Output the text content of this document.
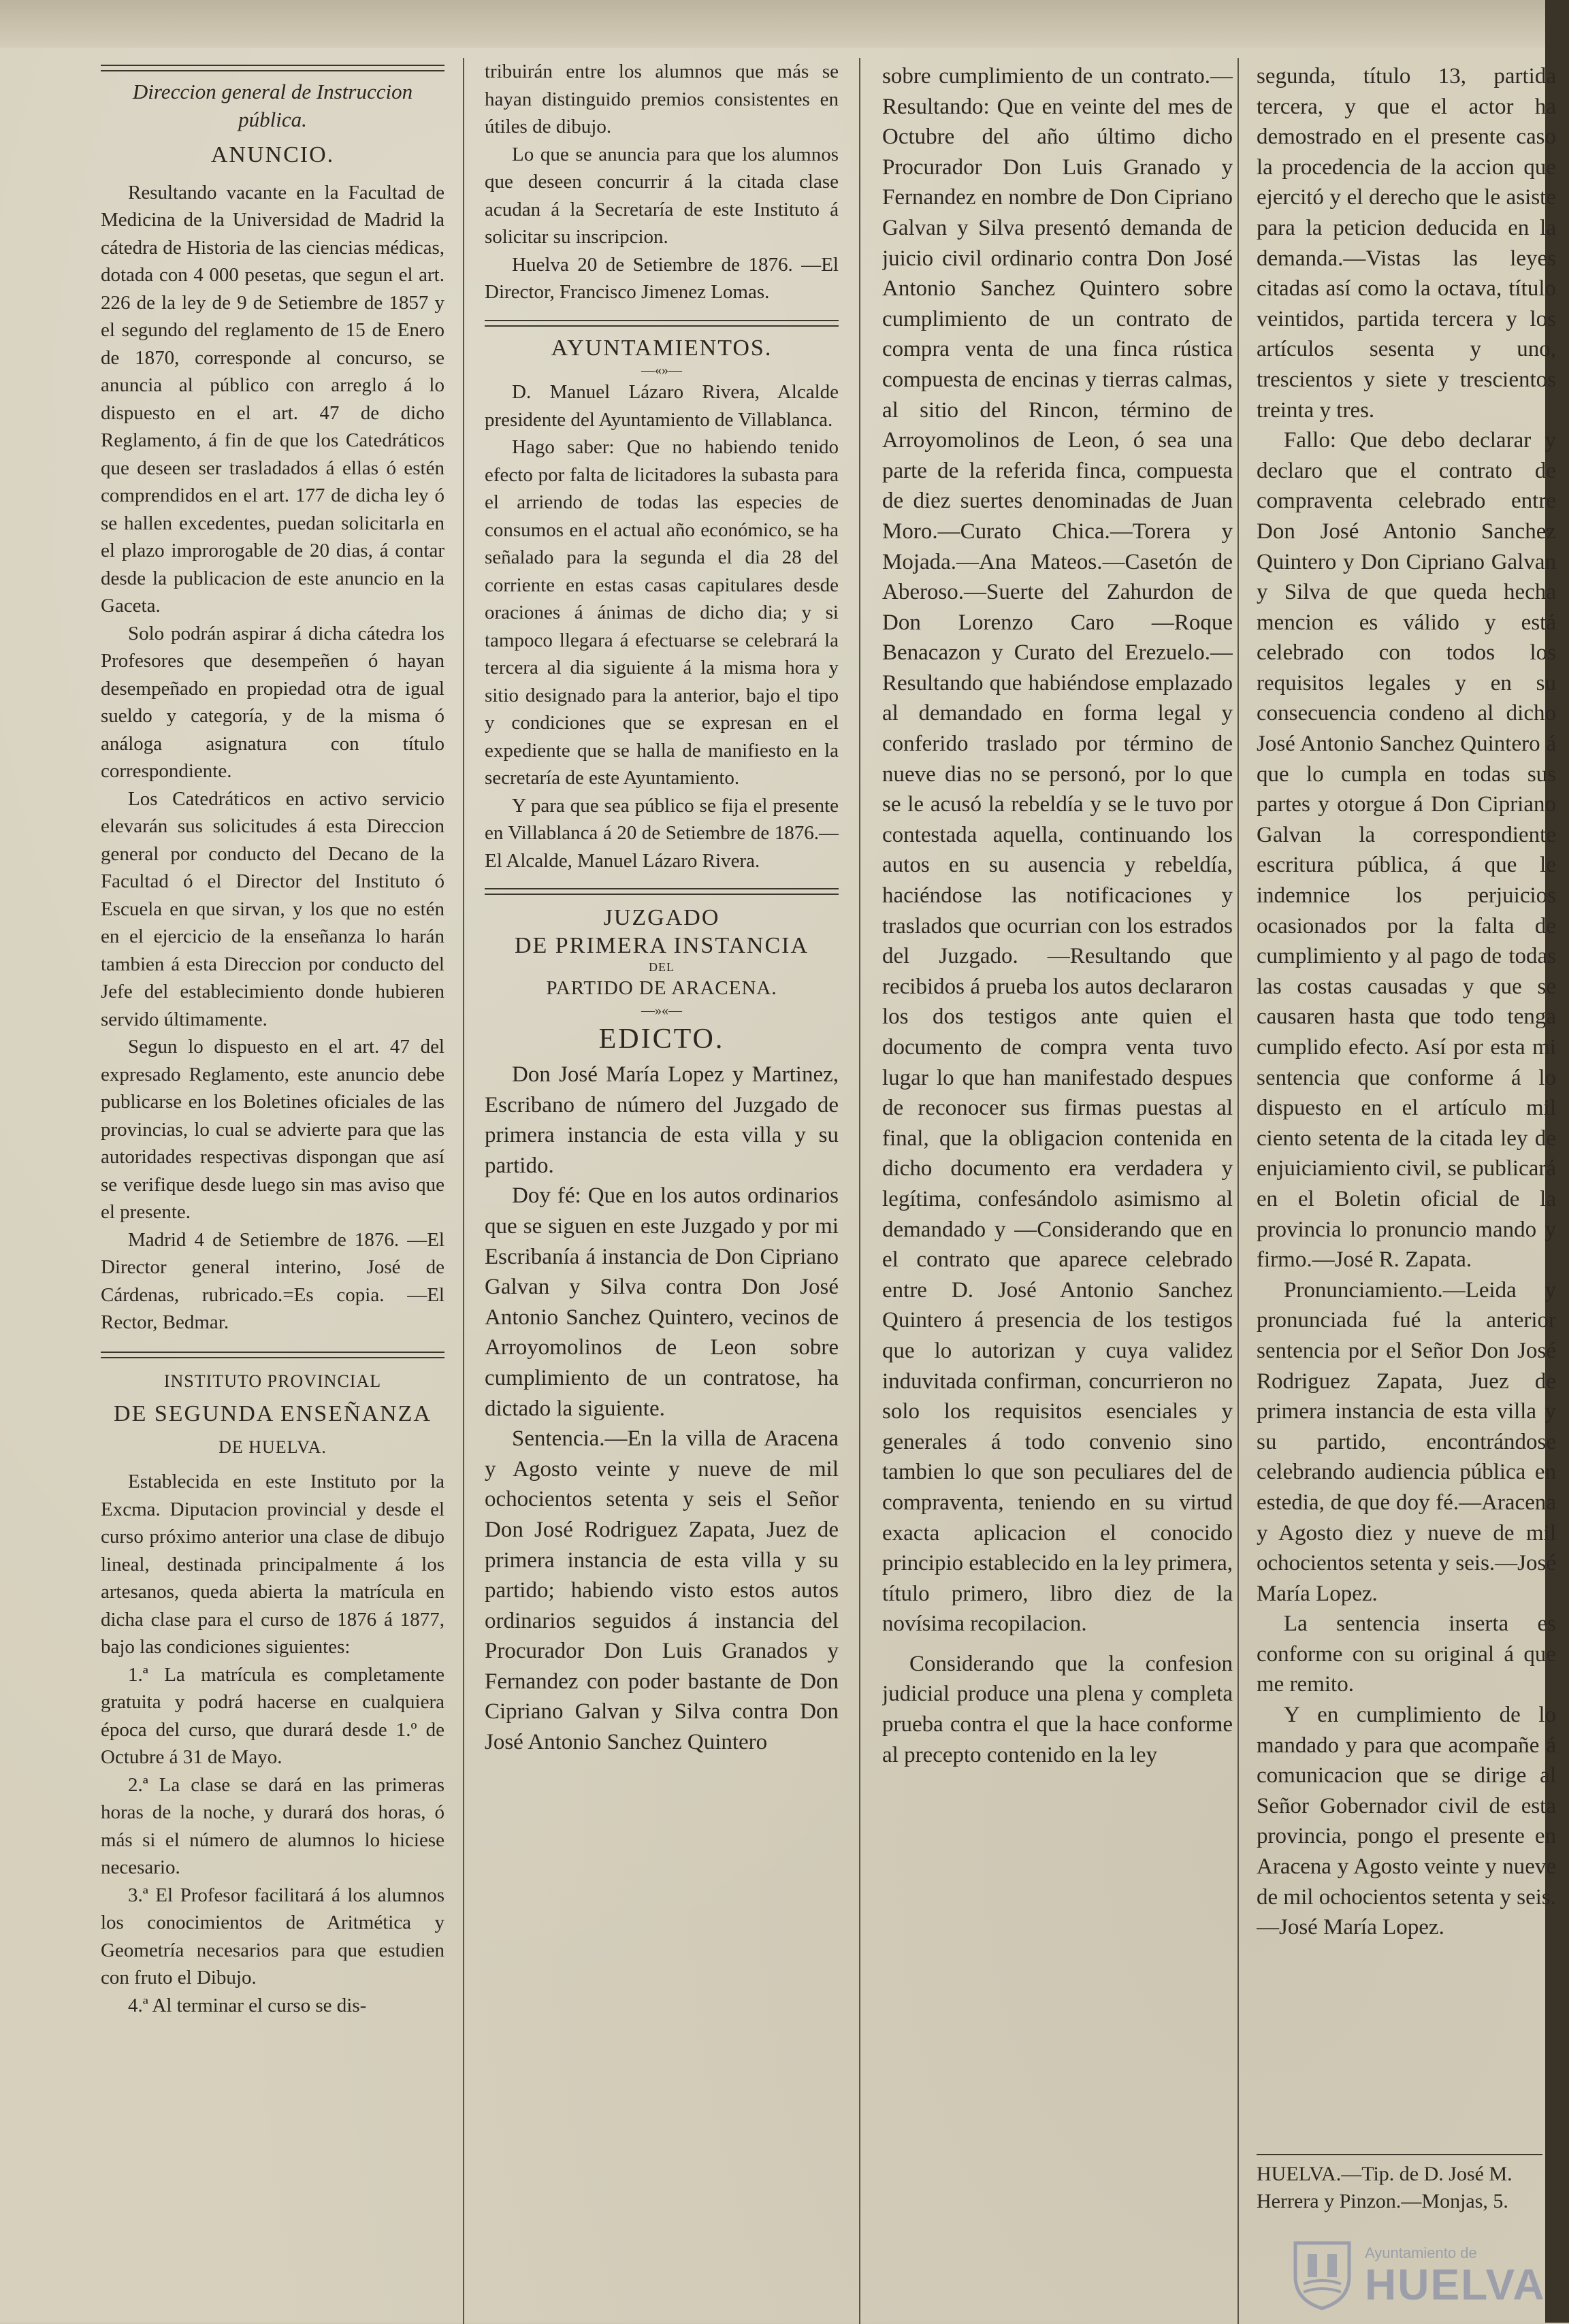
Direccion general de Instruccion pública.

ANUNCIO.

Resultando vacante en la Facultad de Medicina de la Universidad de Madrid la cátedra de Historia de las ciencias médicas, dotada con 4 000 pesetas, que segun el art. 226 de la ley de 9 de Setiembre de 1857 y el segundo del reglamento de 15 de Enero de 1870, corresponde al concurso, se anuncia al público con arreglo á lo dispuesto en el art. 47 de dicho Reglamento, á fin de que los Catedráticos que deseen ser trasladados á ellas ó estén comprendidos en el art. 177 de dicha ley ó se hallen excedentes, puedan solicitarla en el plazo improrogable de 20 dias, á contar desde la publicacion de este anuncio en la Gaceta.

Solo podrán aspirar á dicha cátedra los Profesores que desempeñen ó hayan desempeñado en propiedad otra de igual sueldo y categoría, y de la misma ó análoga asignatura con título correspondiente.

Los Catedráticos en activo servicio elevarán sus solicitudes á esta Direccion general por conducto del Decano de la Facultad ó el Director del Instituto ó Escuela en que sirvan, y los que no estén en el ejercicio de la enseñanza lo harán tambien á esta Direccion por conducto del Jefe del establecimiento donde hubieren servido últimamente.

Segun lo dispuesto en el art. 47 del expresado Reglamento, este anuncio debe publicarse en los Boletines oficiales de las provincias, lo cual se advierte para que las autoridades respectivas dispongan que así se verifique desde luego sin mas aviso que el presente.

Madrid 4 de Setiembre de 1876. —El Director general interino, José de Cárdenas, rubricado.=Es copia. —El Rector, Bedmar.

INSTITUTO PROVINCIAL

DE SEGUNDA ENSEÑANZA

DE HUELVA.

Establecida en este Instituto por la Excma. Diputacion provincial y desde el curso próximo anterior una clase de dibujo lineal, destinada principalmente á los artesanos, queda abierta la matrícula en dicha clase para el curso de 1876 á 1877, bajo las condiciones siguientes:

1.ª La matrícula es completamente gratuita y podrá hacerse en cualquiera época del curso, que durará desde 1.º de Octubre á 31 de Mayo.

2.ª La clase se dará en las primeras horas de la noche, y durará dos horas, ó más si el número de alumnos lo hiciese necesario.

3.ª El Profesor facilitará á los alumnos los conocimientos de Aritmética y Geometría necesarios para que estudien con fruto el Dibujo.

4.ª Al terminar el curso se dis-

tribuirán entre los alumnos que más se hayan distinguido premios consistentes en útiles de dibujo.

Lo que se anuncia para que los alumnos que deseen concurrir á la citada clase acudan á la Secretaría de este Instituto á solicitar su inscripcion.

Huelva 20 de Setiembre de 1876. —El Director, Francisco Jimenez Lomas.

AYUNTAMIENTOS.

—«»—

D. Manuel Lázaro Rivera, Alcalde presidente del Ayuntamiento de Villablanca.

Hago saber: Que no habiendo tenido efecto por falta de licitadores la subasta para el arriendo de todas las especies de consumos en el actual año económico, se ha señalado para la segunda el dia 28 del corriente en estas casas capitulares desde oraciones á ánimas de dicho dia; y si tampoco llegara á efectuarse se celebrará la tercera al dia siguiente á la misma hora y sitio designado para la anterior, bajo el tipo y condiciones que se expresan en el expediente que se halla de manifiesto en la secretaría de este Ayuntamiento.

Y para que sea público se fija el presente en Villablanca á 20 de Setiembre de 1876.—El Alcalde, Manuel Lázaro Rivera.

JUZGADO

DE PRIMERA INSTANCIA

DEL

PARTIDO DE ARACENA.

—»«—

EDICTO.

Don José María Lopez y Martinez, Escribano de número del Juzgado de primera instancia de esta villa y su partido.

Doy fé: Que en los autos ordinarios que se siguen en este Juzgado y por mi Escribanía á instancia de Don Cipriano Galvan y Silva contra Don José Antonio Sanchez Quintero, vecinos de Arroyomolinos de Leon sobre cumplimiento de un contratose, ha dictado la siguiente.

Sentencia.—En la villa de Aracena y Agosto veinte y nueve de mil ochocientos setenta y seis el Señor Don José Rodriguez Zapata, Juez de primera instancia de esta villa y su partido; habiendo visto estos autos ordinarios seguidos á instancia del Procurador Don Luis Granados y Fernandez con poder bastante de Don Cipriano Galvan y Silva contra Don José Antonio Sanchez Quintero

sobre cumplimiento de un contrato.—Resultando: Que en veinte del mes de Octubre del año último dicho Procurador Don Luis Granado y Fernandez en nombre de Don Cipriano Galvan y Silva presentó demanda de juicio civil ordinario contra Don José Antonio Sanchez Quintero sobre cumplimiento de un contrato de compra venta de una finca rústica compuesta de encinas y tierras calmas, al sitio del Rincon, término de Arroyomolinos de Leon, ó sea una parte de la referida finca, compuesta de diez suertes denominadas de Juan Moro.—Curato Chica.—Torera y Mojada.—Ana Mateos.—Casetón de Aberoso.—Suerte del Zahurdon de Don Lorenzo Caro —Roque Benacazon y Curato del Erezuelo.—Resultando que habiéndose emplazado al demandado en forma legal y conferido traslado por término de nueve dias no se personó, por lo que se le acusó la rebeldía y se le tuvo por contestada aquella, continuando los autos en su ausencia y rebeldía, haciéndose las notificaciones y traslados que ocurrian con los estrados del Juzgado. —Resultando que recibidos á prueba los autos declararon los dos testigos ante quien el documento de compra venta tuvo lugar lo que han manifestado despues de reconocer sus firmas puestas al final, que la obligacion contenida en dicho documento era verdadera y legítima, confesándolo asimismo al demandado y —Considerando que en el contrato que aparece celebrado entre D. José Antonio Sanchez Quintero á presencia de los testigos que lo autorizan y cuya validez induvitada confirman, concurrieron no solo los requisitos esenciales y generales á todo convenio sino tambien lo que son peculiares del de compraventa, teniendo en su virtud exacta aplicacion el conocido principio establecido en la ley primera, título primero, libro diez de la novísima recopilacion.

Considerando que la confesion judicial produce una plena y completa prueba contra el que la hace conforme al precepto contenido en la ley

segunda, título 13, partida tercera, y que el actor ha demostrado en el presente caso la procedencia de la accion que ejercitó y el derecho que le asiste para la peticion deducida en la demanda.—Vistas las leyes citadas así como la octava, título veintidos, partida tercera y los artículos sesenta y uno, trescientos y siete y trescientos treinta y tres.

Fallo: Que debo declarar y declaro que el contrato de compraventa celebrado entre Don José Antonio Sanchez Quintero y Don Cipriano Galvan y Silva de que queda hecha mencion es válido y está celebrado con todos los requisitos legales y en su consecuencia condeno al dicho José Antonio Sanchez Quintero á que lo cumpla en todas sus partes y otorgue á Don Cipriano Galvan la correspondiente escritura pública, á que le indemnice los perjuicios ocasionados por la falta de cumplimiento y al pago de todas las costas causadas y que se causaren hasta que todo tenga cumplido efecto. Así por esta mi sentencia que conforme á lo dispuesto en el artículo mil ciento setenta de la citada ley de enjuiciamiento civil, se publicará en el Boletin oficial de la provincia lo pronuncio mando y firmo.—José R. Zapata.

Pronunciamiento.—Leida y pronunciada fué la anterior sentencia por el Señor Don José Rodriguez Zapata, Juez de primera instancia de esta villa y su partido, encontrándose celebrando audiencia pública en estedia, de que doy fé.—Aracena y Agosto diez y nueve de mil ochocientos setenta y seis.—José María Lopez.

La sentencia inserta es conforme con su original á que me remito.

Y en cumplimiento de lo mandado y para que acompañe á comunicacion que se dirige al Señor Gobernador civil de esta provincia, pongo el presente en Aracena y Agosto veinte y nueve de mil ochocientos setenta y seis.—José María Lopez.

HUELVA.—Tip. de D. José M. Herrera y Pinzon.—Monjas, 5.
Ayuntamiento de
HUELVA
